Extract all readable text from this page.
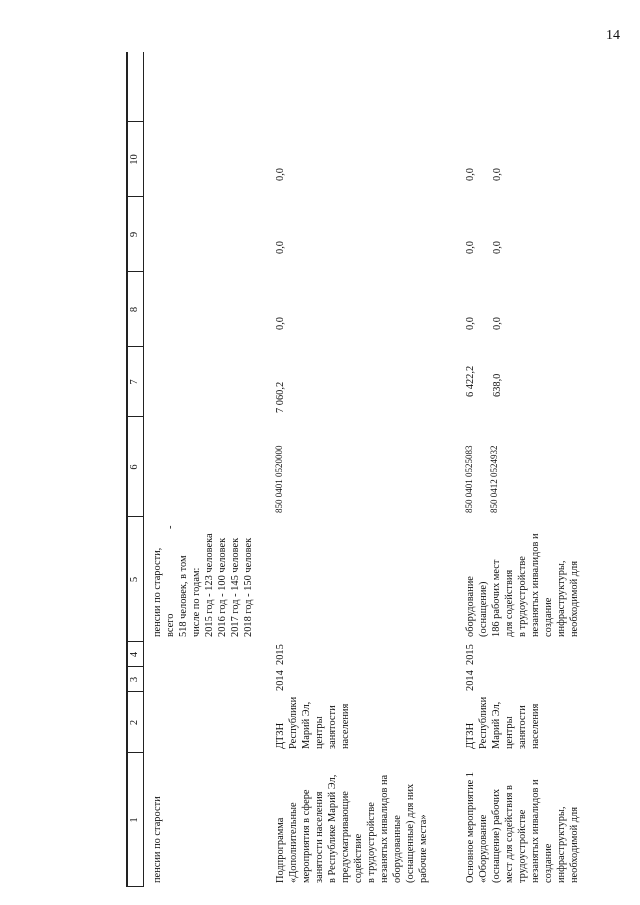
14
1
2
3
4
5
6
7
8
9
10
пенсии по старости
пенсии по старости, всего 518 человек, в том числе по годам: 2015 год - 123 человека 2016 год - 100 человек 2017 год - 145 человек 2018 год - 150 человек
-
Подпрограмма «Дополнительные мероприятия в сфере занятости населения в Республике Марий Эл, предусматривающие содействие в трудоустройстве незанятых инвалидов на оборудованные (оснащенные) для них рабочие места»
ДТЗН Республики Марий Эл, центры занятости населения
2014
2015
850 0401 0520000
7 060,2
0,0
0,0
0,0
Основное мероприятие 1 «Оборудование (оснащение) рабочих мест для содействия в трудоустройстве незанятых инвалидов и создание инфраструктуры, необходимой для
ДТЗН Республики Марий Эл, центры занятости населения
2014
2015
оборудование (оснащение) 186 рабочих мест для содействия в трудоустройстве незанятых инвалидов и создание инфраструктуры, необходимой для
850 0401 0525083 850 0412 0524932
6 422,2 638,0
0,0 0,0
0,0 0,0
0,0 0,0
